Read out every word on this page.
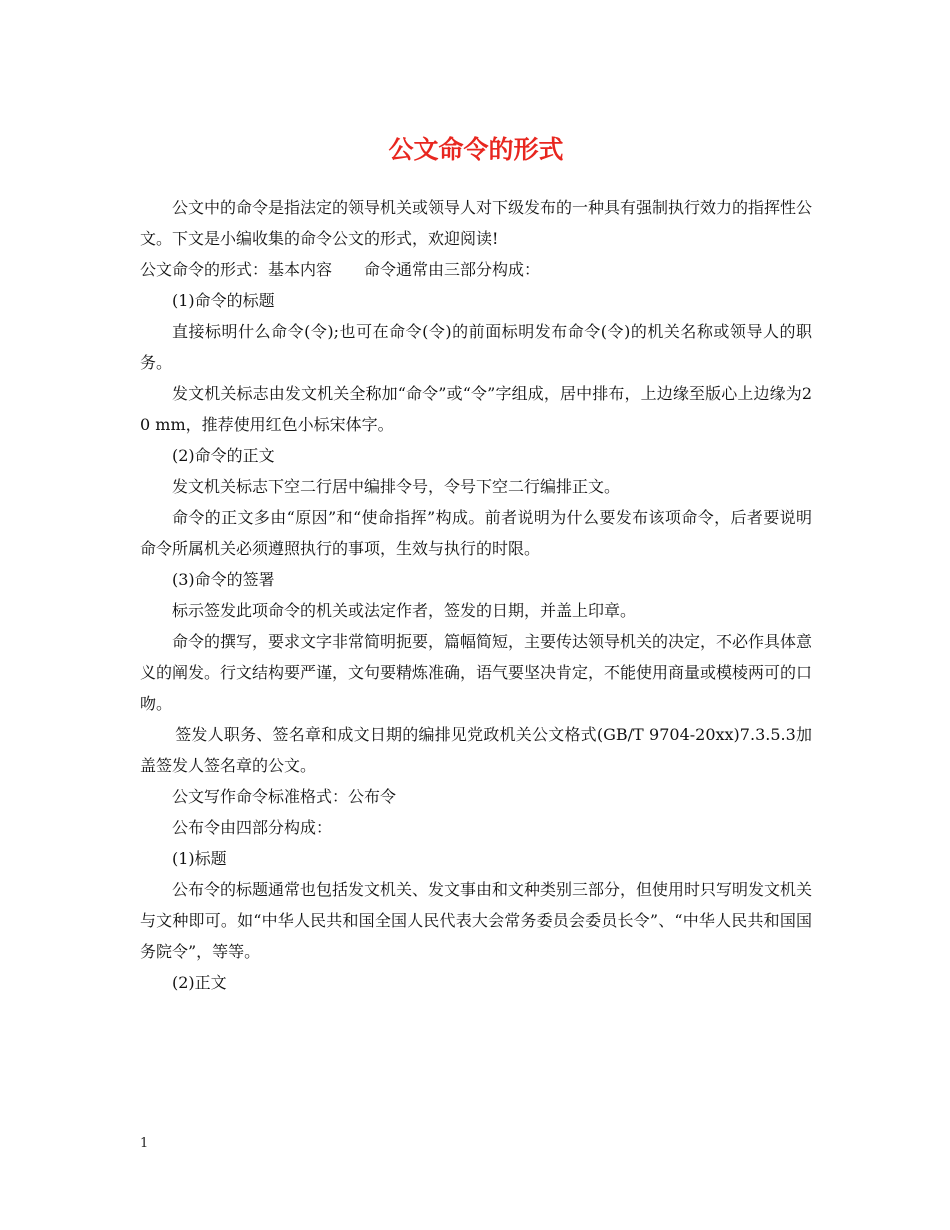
公文命令的形式

公文中的命令是指法定的领导机关或领导人对下级发布的一种具有强制执行效力的指挥性公文。下文是小编收集的命令公文的形式，欢迎阅读!

公文命令的形式：基本内容　　命令通常由三部分构成：

(1)命令的标题

直接标明什么命令(令);也可在命令(令)的前面标明发布命令(令)的机关名称或领导人的职务。

发文机关标志由发文机关全称加“命令”或“令”字组成，居中排布，上边缘至版心上边缘为20 mm，推荐使用红色小标宋体字。

(2)命令的正文

发文机关标志下空二行居中编排令号，令号下空二行编排正文。

命令的正文多由“原因”和“使命指挥”构成。前者说明为什么要发布该项命令，后者要说明命令所属机关必须遵照执行的事项，生效与执行的时限。

(3)命令的签署

标示签发此项命令的机关或法定作者，签发的日期，并盖上印章。

命令的撰写，要求文字非常简明扼要，篇幅简短，主要传达领导机关的决定，不必作具体意义的阐发。行文结构要严谨，文句要精炼准确，语气要坚决肯定，不能使用商量或模棱两可的口吻。

签发人职务、签名章和成文日期的编排见党政机关公文格式(GB/T 9704-20xx)7.3.5.3加盖签发人签名章的公文。

公文写作命令标准格式：公布令

公布令由四部分构成：

(1)标题

公布令的标题通常也包括发文机关、发文事由和文种类别三部分，但使用时只写明发文机关与文种即可。如“中华人民共和国全国人民代表大会常务委员会委员长令”、“中华人民共和国国务院令”，等等。

(2)正文

1
